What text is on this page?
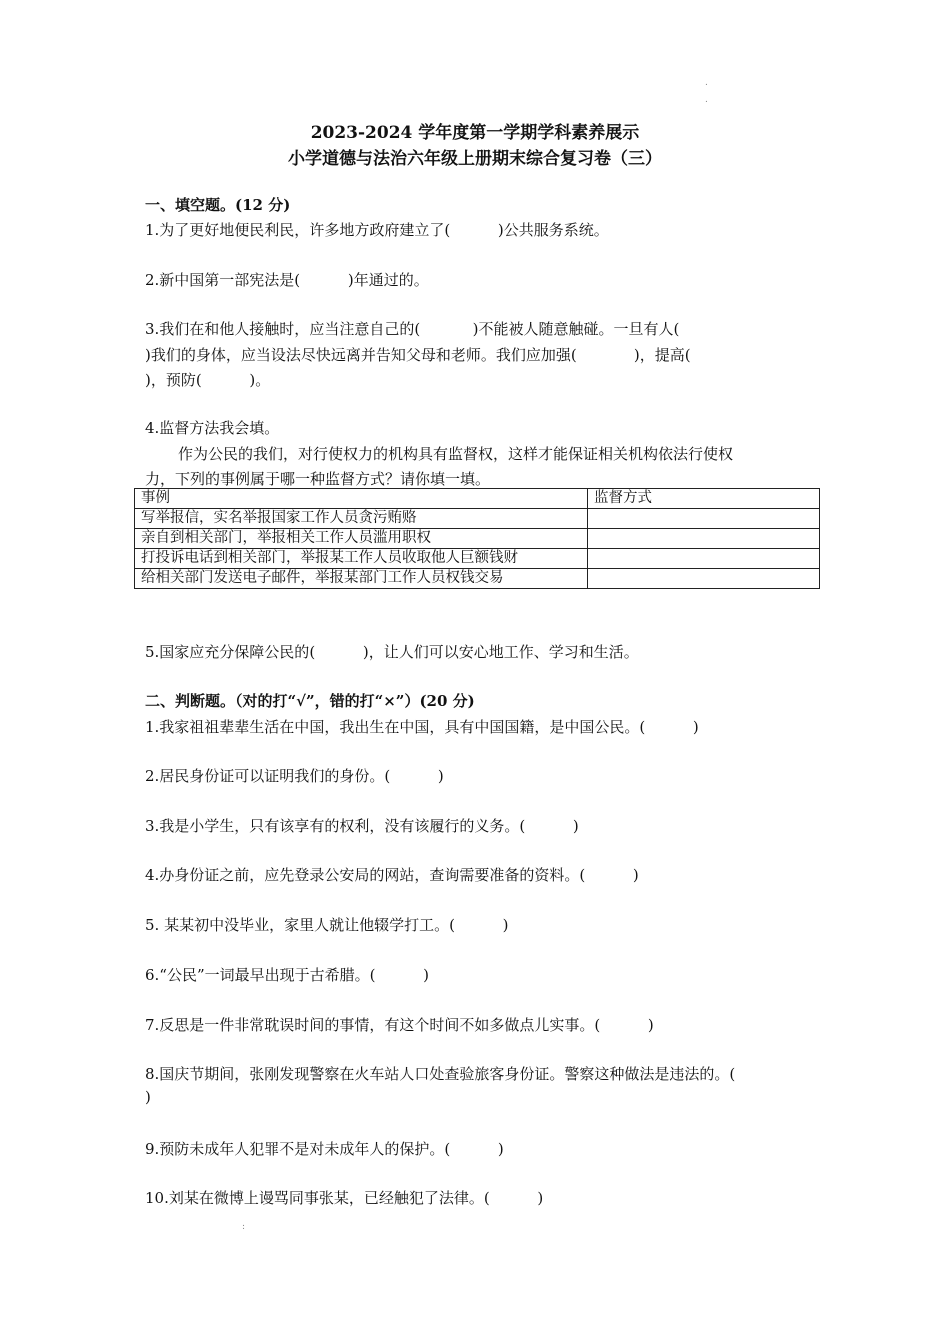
.
.
2023-2024 学年度第一学期学科素养展示
小学道德与法治六年级上册期末综合复习卷（三）
一、填空题。(12 分)
1.为了更好地便民利民，许多地方政府建立了(          )公共服务系统。
2.新中国第一部宪法是(          )年通过的。
3.我们在和他人接触时，应当注意自己的(           )不能被人随意触碰。一旦有人(
)我们的身体，应当设法尽快远离并告知父母和老师。我们应加强(            )，提高(
)，预防(          )。
4.监督方法我会填。
作为公民的我们，对行使权力的机构具有监督权，这样才能保证相关机构依法行使权
力，下列的事例属于哪一种监督方式？请你填一填。
事例	监督方式
写举报信，实名举报国家工作人员贪污贿赂	
亲自到相关部门，举报相关工作人员滥用职权	
打投诉电话到相关部门，举报某工作人员收取他人巨额钱财	
给相关部门发送电子邮件，举报某部门工作人员权钱交易	
5.国家应充分保障公民的(          )，让人们可以安心地工作、学习和生活。
二、判断题。（对的打“√”，错的打“×”）(20 分)
1.我家祖祖辈辈生活在中国，我出生在中国，具有中国国籍，是中国公民。(          )
2.居民身份证可以证明我们的身份。(          )
3.我是小学生，只有该享有的权利，没有该履行的义务。(          )
4.办身份证之前，应先登录公安局的网站，查询需要准备的资料。(          )
5. 某某初中没毕业，家里人就让他辍学打工。(          )
6.“公民”一词最早出现于古希腊。(          )
7.反思是一件非常耽误时间的事情，有这个时间不如多做点儿实事。(          )
8.国庆节期间，张刚发现警察在火车站人口处查验旅客身份证。警察这种做法是违法的。(
)
9.预防未成年人犯罪不是对未成年人的保护。(          )
10.刘某在微博上谩骂同事张某，已经触犯了法律。(          )
:
